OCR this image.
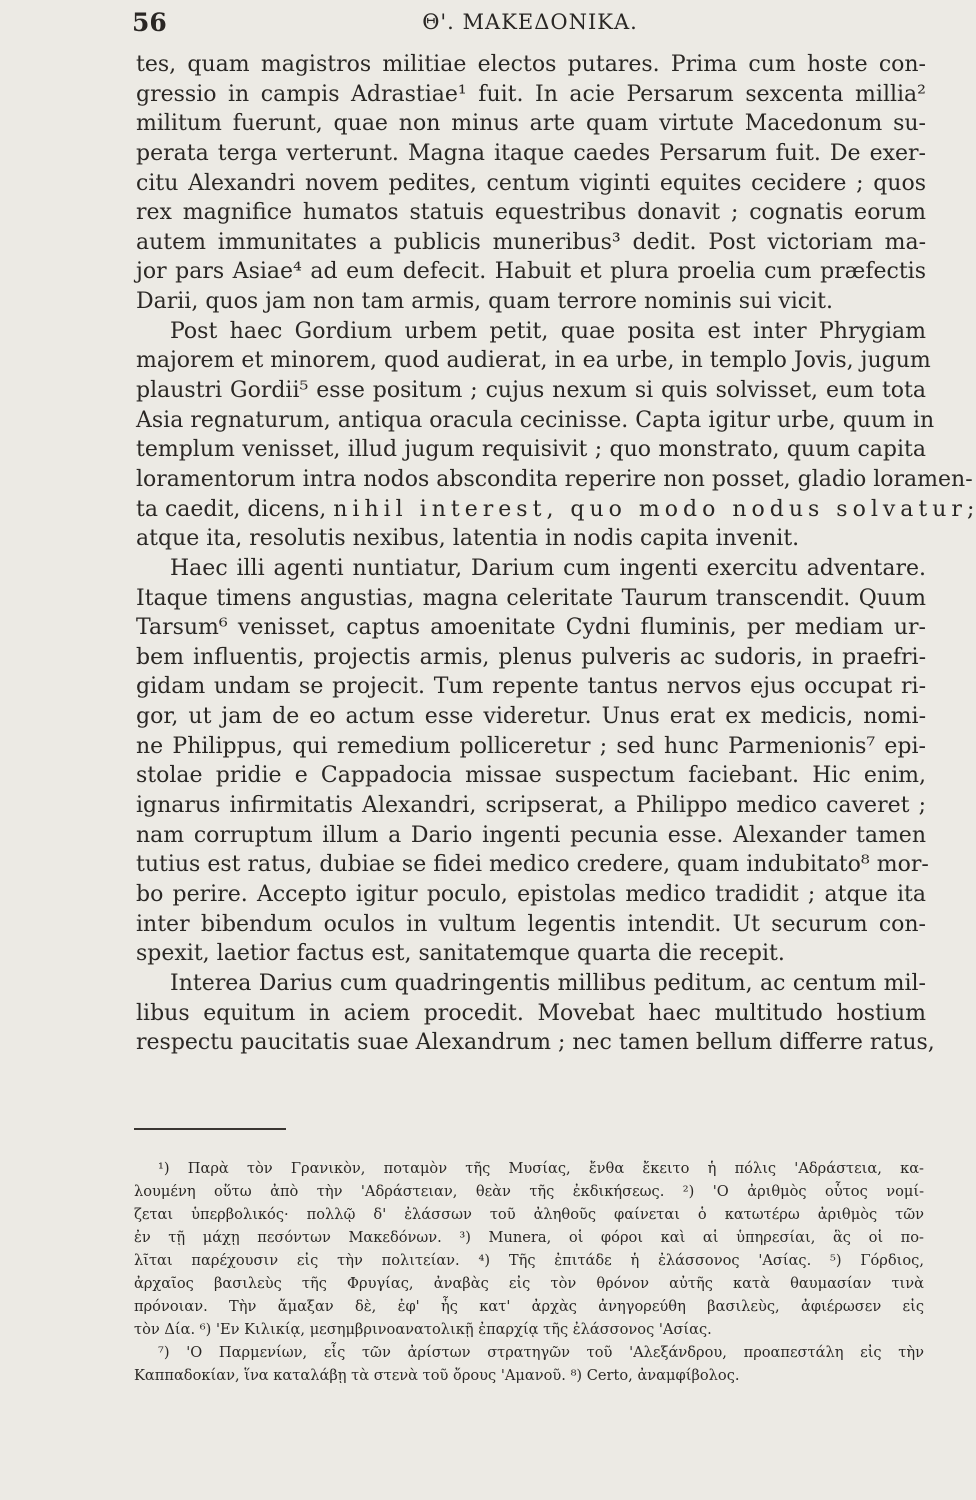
56	Θ'. ΜΑΚΕΔΟΝΙΚΑ.
tes, quam magistros militiae electos putares. Prima cum hoste con-
gressio in campis Adrastiae¹ fuit. In acie Persarum sexcenta millia²
militum fuerunt, quae non minus arte quam virtute Macedonum su-
perata terga verterunt. Magna itaque caedes Persarum fuit. De exer-
citu Alexandri novem pedites, centum viginti equites cecidere ; quos
rex magnifice humatos statuis equestribus donavit ; cognatis eorum
autem immunitates a publicis muneribus³ dedit. Post victoriam ma-
jor pars Asiae⁴ ad eum defecit. Habuit et plura proelia cum præfectis
Darii, quos jam non tam armis, quam terrore nominis sui vicit.
Post haec Gordium urbem petit, quae posita est inter Phrygiam
majorem et minorem, quod audierat, in ea urbe, in templo Jovis, jugum
plaustri Gordii⁵ esse positum ; cujus nexum si quis solvisset, eum tota
Asia regnaturum, antiqua oracula cecinisse. Capta igitur urbe, quum in
templum venisset, illud jugum requisivit ; quo monstrato, quum capita
loramentorum intra nodos abscondita reperire non posset, gladio loramen-
ta caedit, dicens, nihil interest, quo modo nodus solvatur;
atque ita, resolutis nexibus, latentia in nodis capita invenit.
Haec illi agenti nuntiatur, Darium cum ingenti exercitu adventare.
Itaque timens angustias, magna celeritate Taurum transcendit. Quum
Tarsum⁶ venisset, captus amoenitate Cydni fluminis, per mediam ur-
bem influentis, projectis armis, plenus pulveris ac sudoris, in praefri-
gidam undam se projecit. Tum repente tantus nervos ejus occupat ri-
gor, ut jam de eo actum esse videretur. Unus erat ex medicis, nomi-
ne Philippus, qui remedium polliceretur ; sed hunc Parmenionis⁷ epi-
stolae pridie e Cappadocia missae suspectum faciebant. Hic enim,
ignarus infirmitatis Alexandri, scripserat, a Philippo medico caveret ;
nam corruptum illum a Dario ingenti pecunia esse. Alexander tamen
tutius est ratus, dubiae se fidei medico credere, quam indubitato⁸ mor-
bo perire. Accepto igitur poculo, epistolas medico tradidit ; atque ita
inter bibendum oculos in vultum legentis intendit. Ut securum con-
spexit, laetior factus est, sanitatemque quarta die recepit.
Interea Darius cum quadringentis millibus peditum, ac centum mil-
libus equitum in aciem procedit. Movebat haec multitudo hostium
respectu paucitatis suae Alexandrum ; nec tamen bellum differre ratus,
¹) Παρὰ τὸν Γρανικὸν, ποταμὸν τῆς Μυσίας, ἔνθα ἔκειτο ἡ πόλις 'Αδράστεια, κα-
λουμένη οὕτω ἀπὸ τὴν 'Αδράστειαν, θεὰν τῆς ἐκδικήσεως. ²) 'Ο ἀριθμὸς οὗτος νομί-
ζεται ὑπερβολικός· πολλῷ δ' ἐλάσσων τοῦ ἀληθοῦς φαίνεται ὁ κατωτέρω ἀριθμὸς τῶν
ἐν τῇ μάχῃ πεσόντων Μακεδόνων. ³) Munera, οἱ φόροι καὶ αἱ ὑπηρεσίαι, ἃς οἱ πο-
λῖται παρέχουσιν εἰς τὴν πολιτείαν. ⁴) Τῆς ἐπιτάδε ἡ ἐλάσσονος 'Ασίας. ⁵) Γόρδιος,
ἀρχαῖος βασιλεὺς τῆς Φρυγίας, ἀναβὰς εἰς τὸν θρόνον αὐτῆς κατὰ θαυμασίαν τινὰ
πρόνοιαν. Τὴν ἄμαξαν δὲ, ἐφ' ἧς κατ' ἀρχὰς ἀνηγορεύθη βασιλεὺς, ἀφιέρωσεν εἰς
τὸν Δία. ⁶) 'Εν Κιλικίᾳ, μεσημβρινοανατολικῇ ἐπαρχίᾳ τῆς ἐλάσσονος 'Ασίας.
⁷) 'Ο Παρμενίων, εἷς τῶν ἀρίστων στρατηγῶν τοῦ 'Αλεξάνδρου, προαπεστάλη εἰς τὴν
Καππαδοκίαν, ἵνα καταλάβῃ τὰ στενὰ τοῦ ὄρους 'Αμανοῦ. ⁸) Certo, ἀναμφίβολος.
